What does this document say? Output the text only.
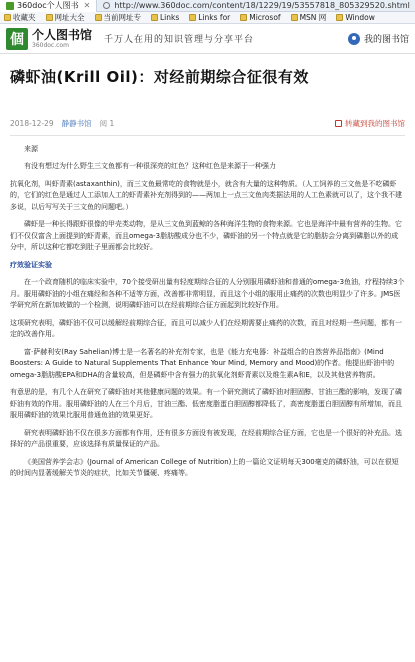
360doc个人图书 ✕	http://www.360doc.com/content/18/1229/19/53557818_805329520.shtml
收藏夹	网址大全	当前网址专	Links	Links for	Microsof	MSN 网	Window
個 个人图书馆
360doc.com	千万人在用的知识管理与分享平台	我的图书馆
磷虾油(Krill Oil)：对经前期综合征很有效
2018-12-29 静静书馆 阅 1	转藏到我的图书馆

来源

有没有想过为什么野生三文鱼都有一种很深亮的红色？这种红色是来源于一种强力

抗氧化剂，叫虾青素(astaxanthin)，而三文鱼最常吃的食物就是小，就含有大量的这种物质。（人工饲养的三文鱼是不吃磷虾的，它们的红色是通过人工添加人工的虾青素补充剂得到的——两加上一点三文鱼肉类据法用的人工色素就可以了，这个我不建多说，以后写写关于三文鱼的问题吧。）

磷虾是一种长得跟虾很像的甲壳类动物，是从三文鱼到蓝鲸的各种海洋生物的食物来源。它也是海洋中最有营养的生物。它们不仅仅富含上面提到的虾青素，而且omega-3脂肪酸成分也不少，磷虾油的另一个特点就是它的脂肪会分离到磷脂以外的成分中，所以这种它都吃到肚子里面都会比较好。

疗效验证实验

在一个政育随机的临床实验中，70个接受研出量有轻度期综合征的人分别服用磷虾油和普通的omega-3鱼油，疗程持续3个月。服用磷虾油的小组在痛经和各种不适等方面，改善都非常明显，而且这个小组的服用止痛药的次数也明显少了许多。JMS医学研究所在新加坡做的一个检测，说明磷虾油可以在经前期综合征方面起到比较好作用。

这项研究表明，磷虾油不仅可以缓解经前期综合征，而且可以减少人们在经期需要止痛药的次数，而且对经期一些问题，都有一定的改善作用。

富·萨赫利安(Ray Sahelian)博士是一名著名的补充剂专家，也是《能力充电器：补益组合的自然营养品指南》(Mind Boosters: A Guide to Natural Supplements That Enhance Your Mind, Memory and Mood)的作者。他提出虾油中的omega-3脂肪酸EPA和DHA的含量较高，但是磷虾中含有强力的抗氧化剂虾青素以及维生素A和E，以及其他营养物质。

有意思的是，有几个人在研究了磷虾油对其他健康问题的效果。有一个研究测试了磷虾油对胆固醇、甘油三酯的影响，发现了磷虾油有效的作用。服用磷虾油的人在三个月后，甘油三酯、低密度脂蛋白胆固醇都降低了，高密度脂蛋白胆固醇有所增加，而且服用磷虾油的效果比服用普通鱼油的效果更好。

研究表明磷虾油不仅在很多方面都有作用，还有很多方面没有被发现，在经前期综合征方面，它也是一个很好的补充品。选择好的产品很重要，应该选择有质量保证的产品。

《美国营养学会志》(Journal of American College of Nutrition)上的一篇论文证明每天300毫克的磷虾油，可以在很短的时间内显著缓解关节炎的症状，比如关节僵硬、疼痛等。
